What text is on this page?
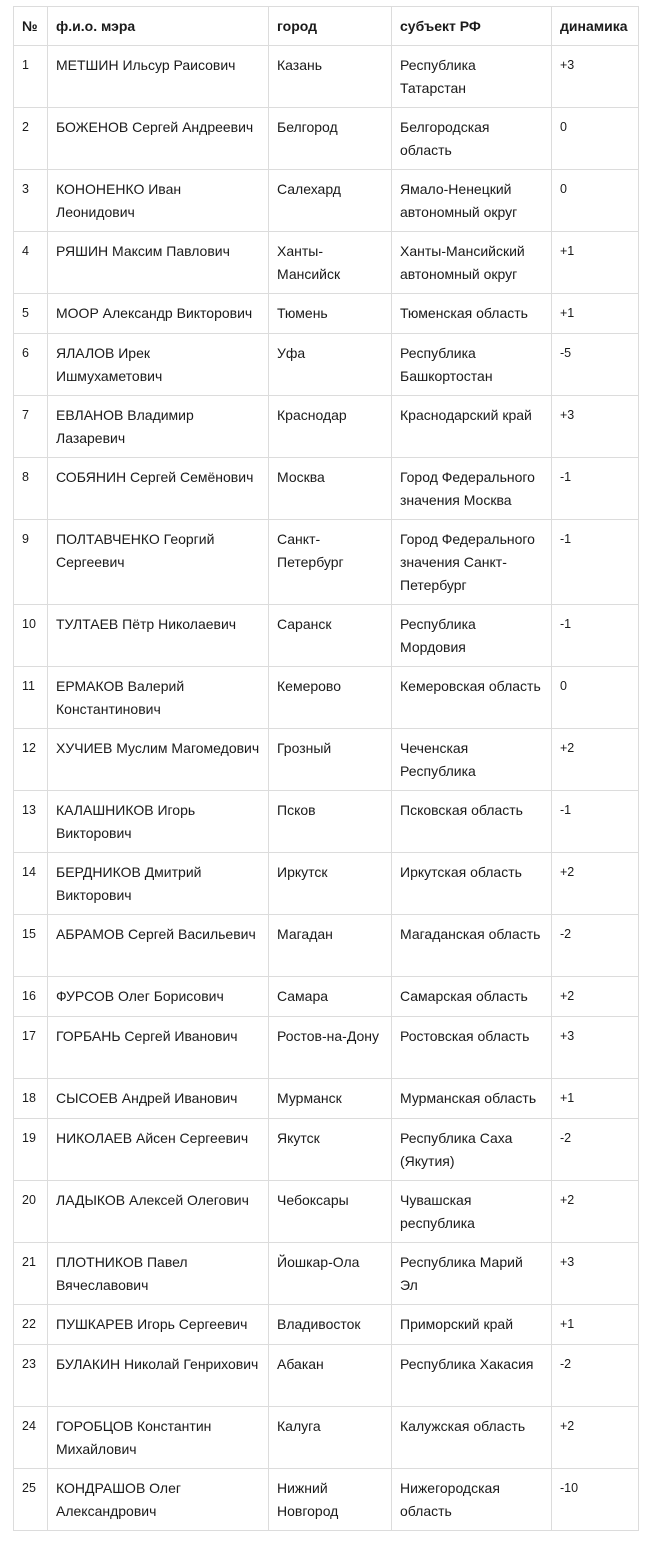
№	ф.и.о. мэра	город	субъект РФ	динамика
1	МЕТШИН Ильсур Раисович	Казань	Республика Татарстан	+3
2	БОЖЕНОВ Сергей Андреевич	Белгород	Белгородская область	0
3	КОНОНЕНКО Иван Леонидович	Салехард	Ямало-Ненецкий автономный округ	0
4	РЯШИН Максим Павлович	Ханты-Мансийск	Ханты-Мансийский автономный округ	+1
5	МООР Александр Викторович	Тюмень	Тюменская область	+1
6	ЯЛАЛОВ Ирек Ишмухаметович	Уфа	Республика Башкортостан	-5
7	ЕВЛАНОВ Владимир Лазаревич	Краснодар	Краснодарский край	+3
8	СОБЯНИН Сергей Семёнович	Москва	Город Федерального значения Москва	-1
9	ПОЛТАВЧЕНКО Георгий Сергеевич	Санкт-Петербург	Город Федерального значения Санкт-Петербург	-1
10	ТУЛТАЕВ Пётр Николаевич	Саранск	Республика Мордовия	-1
11	ЕРМАКОВ Валерий Константинович	Кемерово	Кемеровская область	0
12	ХУЧИЕВ Муслим Магомедович	Грозный	Чеченская Республика	+2
13	КАЛАШНИКОВ Игорь Викторович	Псков	Псковская область	-1
14	БЕРДНИКОВ Дмитрий Викторович	Иркутск	Иркутская область	+2
15	АБРАМОВ Сергей Васильевич	Магадан	Магаданская область	-2
16	ФУРСОВ Олег Борисович	Самара	Самарская область	+2
17	ГОРБАНЬ Сергей Иванович	Ростов-на-Дону	Ростовская область	+3
18	СЫСОЕВ Андрей Иванович	Мурманск	Мурманская область	+1
19	НИКОЛАЕВ Айсен Сергеевич	Якутск	Республика Саха (Якутия)	-2
20	ЛАДЫКОВ Алексей Олегович	Чебоксары	Чувашская республика	+2
21	ПЛОТНИКОВ Павел Вячеславович	Йошкар-Ола	Республика Марий Эл	+3
22	ПУШКАРЕВ Игорь Сергеевич	Владивосток	Приморский край	+1
23	БУЛАКИН Николай Генрихович	Абакан	Республика Хакасия	-2
24	ГОРОБЦОВ Константин Михайлович	Калуга	Калужская область	+2
25	КОНДРАШОВ Олег Александрович	Нижний Новгород	Нижегородская область	-10
